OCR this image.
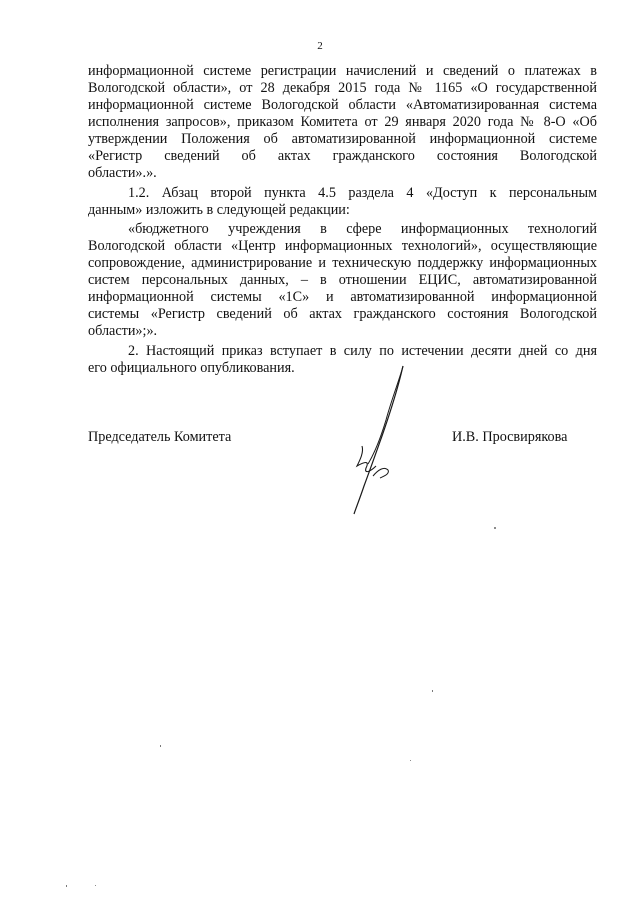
2
информационной системе регистрации начислений и сведений о платежах в
Вологодской области», от 28 декабря 2015 года № 1165 «О государственной
информационной системе Вологодской области «Автоматизированная система
исполнения запросов», приказом Комитета от 29 января 2020 года № 8-О «Об
утверждении Положения об автоматизированной информационной системе
«Регистр сведений об актах гражданского состояния Вологодской
области».».
1.2. Абзац второй пункта 4.5 раздела 4 «Доступ к персональным
данным» изложить в следующей редакции:
«бюджетного учреждения в сфере информационных технологий
Вологодской области «Центр информационных технологий», осуществляющие
сопровождение, администрирование и техническую поддержку информационных
систем персональных данных, – в отношении ЕЦИС, автоматизированной
информационной системы «1С» и автоматизированной информационной
системы «Регистр сведений об актах гражданского состояния Вологодской
области»;».
2. Настоящий приказ вступает в силу по истечении десяти дней со дня
его официального опубликования.
Председатель Комитета	И.В. Просвирякова
